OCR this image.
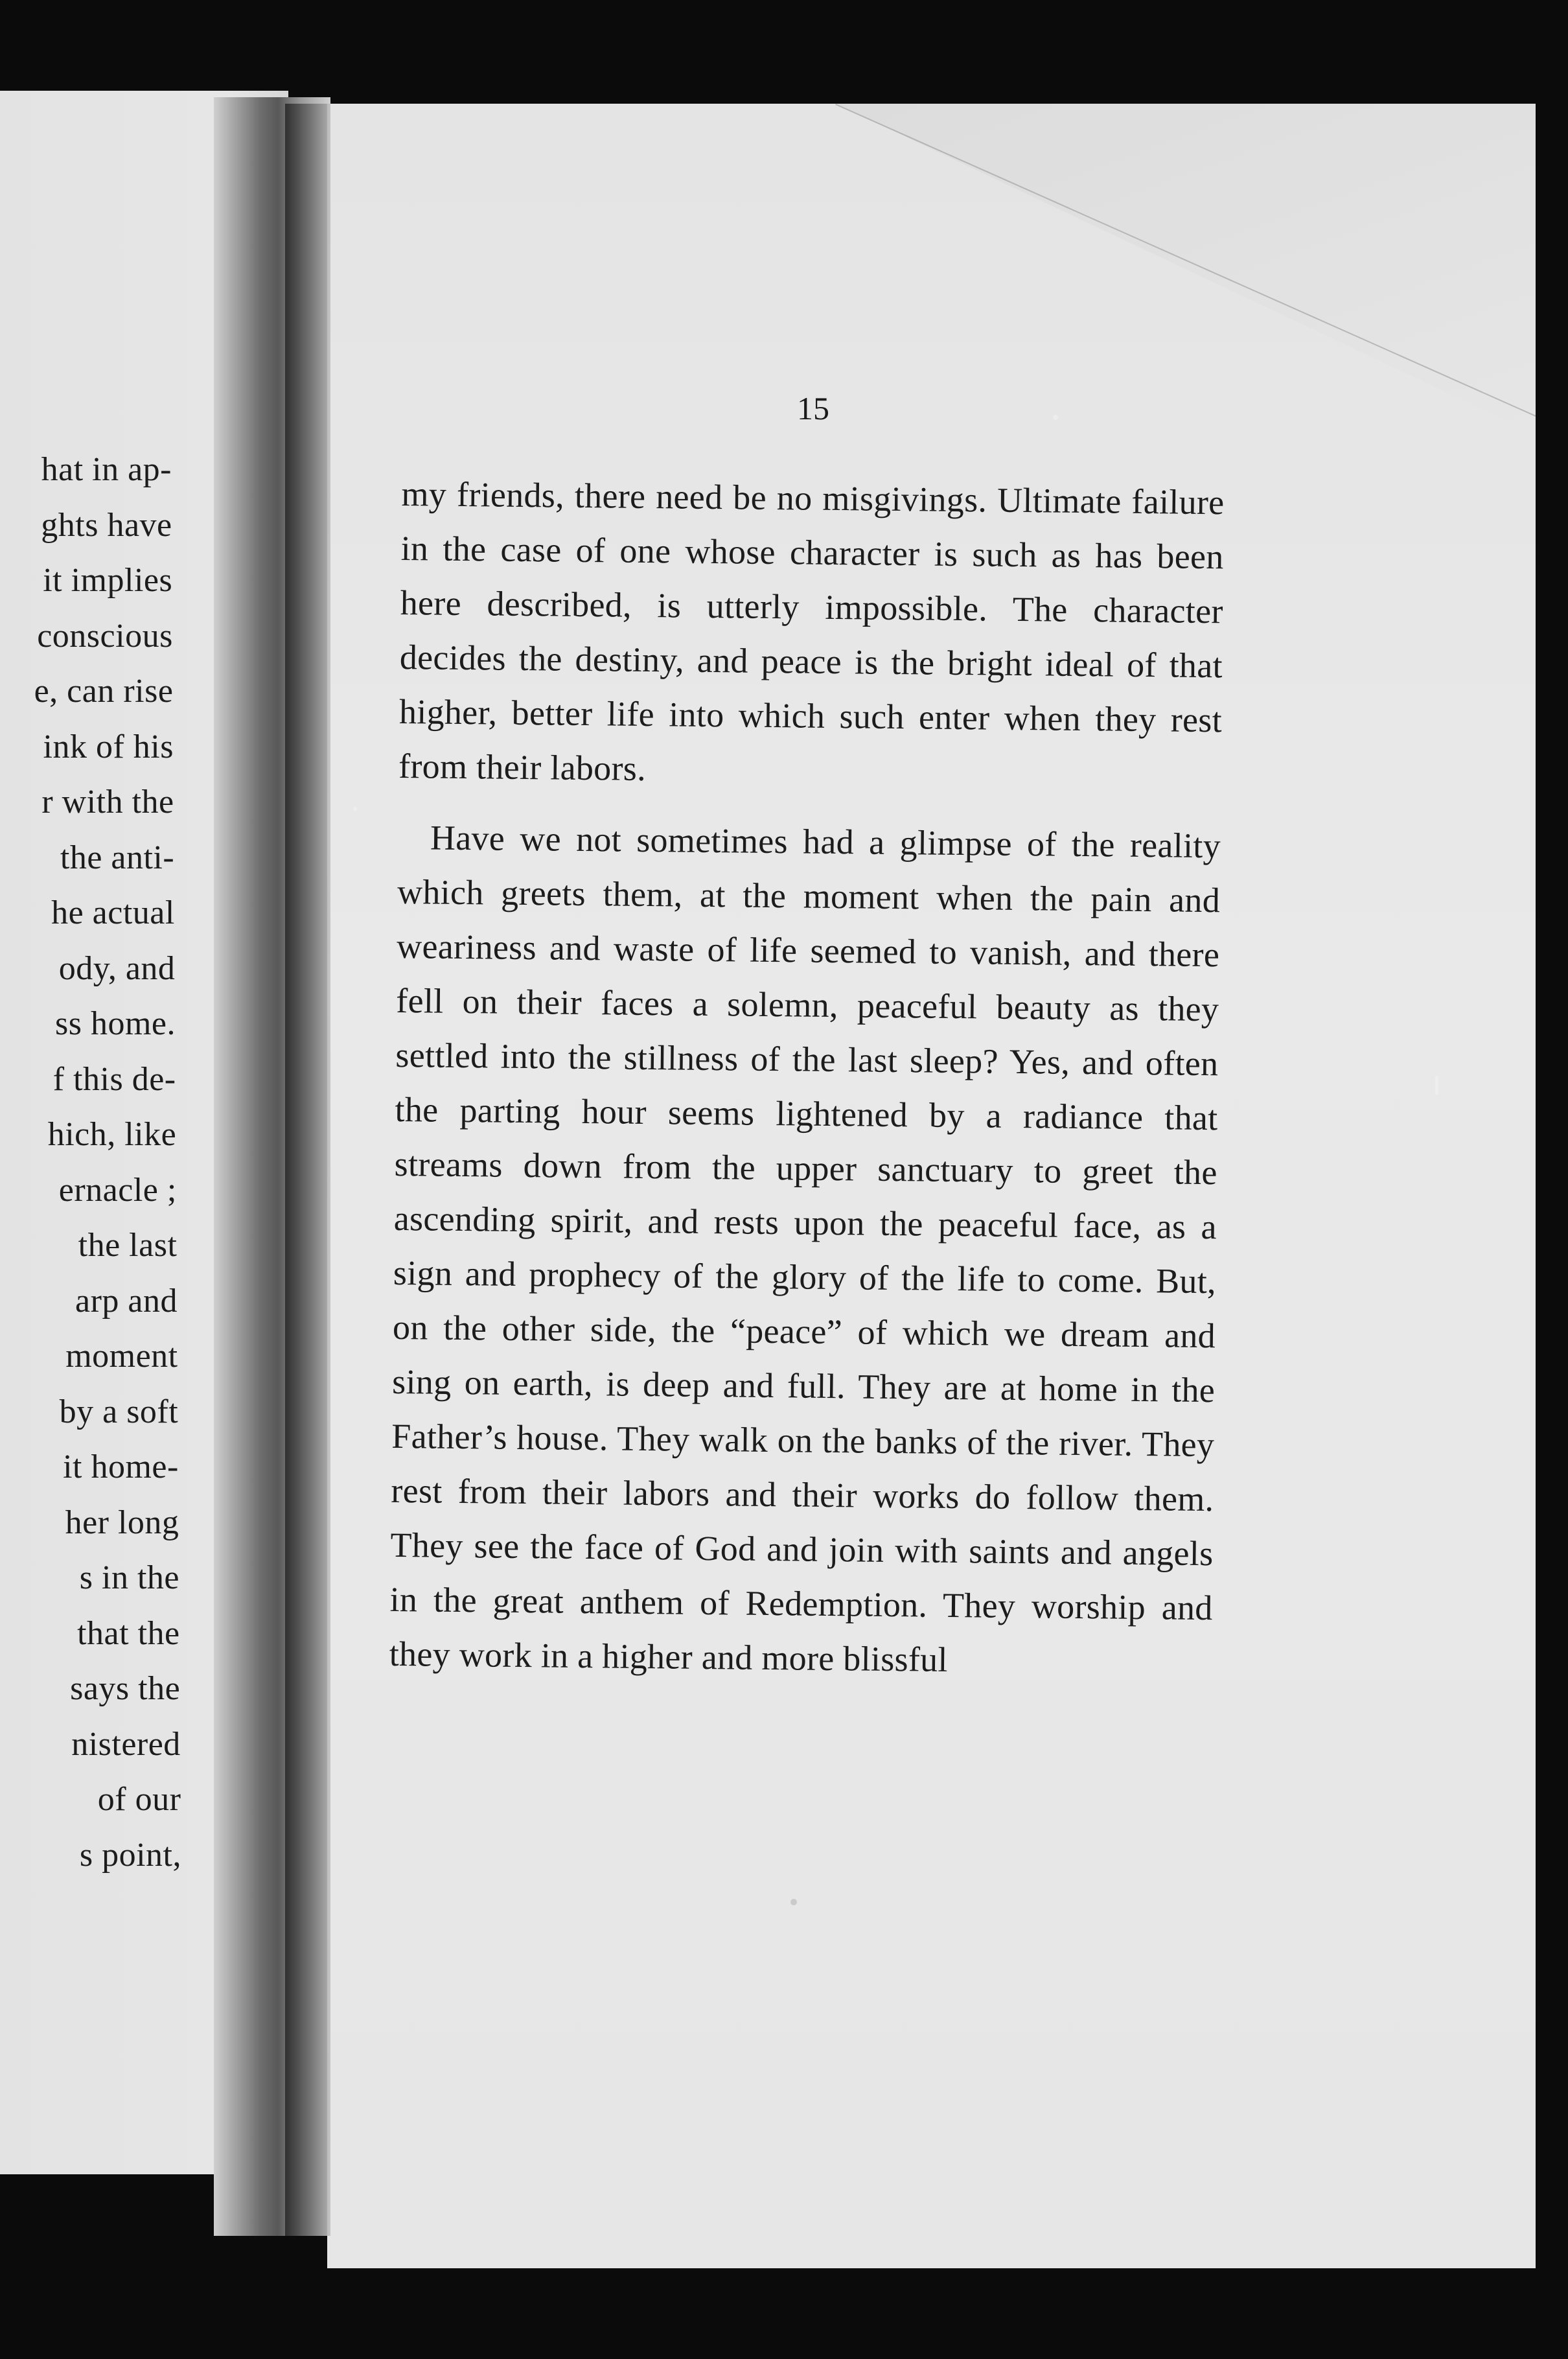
hat in ap-
ghts have
it implies
conscious
e, can rise
ink of his
r with the
the anti-
he actual
ody, and
ss home.
f this de-
hich, like
ernacle ;
the last
arp and
moment
by a soft
it home-
her long
s in the
that the
says the
nistered
of our
s point,
15

my friends, there need be no misgivings. Ultimate failure in the case of one whose character is such as has been here described, is utterly impossible. The character decides the destiny, and peace is the bright ideal of that higher, better life into which such enter when they rest from their labors.

Have we not sometimes had a glimpse of the reality which greets them, at the moment when the pain and weariness and waste of life seemed to vanish, and there fell on their faces a solemn, peaceful beauty as they settled into the stillness of the last sleep? Yes, and often the parting hour seems lightened by a radiance that streams down from the upper sanctuary to greet the ascending spirit, and rests upon the peaceful face, as a sign and prophecy of the glory of the life to come. But, on the other side, the “peace” of which we dream and sing on earth, is deep and full. They are at home in the Father’s house. They walk on the banks of the river. They rest from their labors and their works do follow them. They see the face of God and join with saints and angels in the great anthem of Redemption. They worship and they work in a higher and more blissful
